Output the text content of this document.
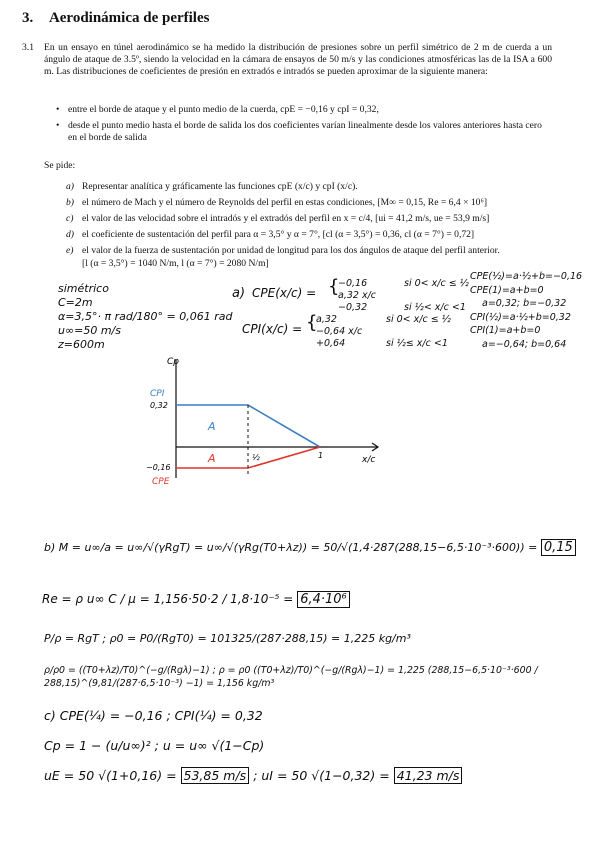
3. Aerodinámica de perfiles
3.1	En un ensayo en túnel aerodinámico se ha medido la distribución de presiones sobre un perfil simétrico de 2 m de cuerda a un ángulo de ataque de 3.5º, siendo la velocidad en la cámara de ensayos de 50 m/s y las condiciones atmosféricas las de la ISA a 600 m. Las distribuciones de coeficientes de presión en extradós e intradós se pueden aproximar de la siguiente manera:
• entre el borde de ataque y el punto medio de la cuerda, cpE = −0,16 y cpI = 0,32,
• desde el punto medio hasta el borde de salida los dos coeficientes varían linealmente desde los valores anteriores hasta cero en el borde de salida
Se pide:
a) Representar analítica y gráficamente las funciones cpE (x/c) y cpI (x/c).
b) el número de Mach y el número de Reynolds del perfil en estas condiciones, [M∞ = 0,15, Re = 6,4 × 10⁶]
c) el valor de las velocidad sobre el intradós y el extradós del perfil en x = c/4, [ui = 41,2 m/s, ue = 53,9 m/s]
d) el coeficiente de sustentación del perfil para α = 3,5° y α = 7°, [cl (α = 3,5°) = 0,36, cl (α = 7°) = 0,72]
e) el valor de la fuerza de sustentación por unidad de longitud para los dos ángulos de ataque del perfil anterior.
[l (α = 3,5°) = 1040 N/m, l (α = 7°) = 2080 N/m]
simétrico
C=2m
α=3,5°· π rad/180° = 0,061 rad
u∞=50 m/s
z=600m
a) CPE(x/c) = {
−0,16	si 0< x/c ≤ ½
a,32 x/c −0,32	si ½< x/c <1
CPI(x/c) = {
a,32	si 0< x/c ≤ ½
−0,64 x/c +0,64	si ½≤ x/c <1
CPE(½)=a·½+b=−0,16
CPE(1)=a+b=0
a=0,32; b=−0,32
CPI(½)=a·½+b=0,32
CPI(1)=a+b=0
a=−0,64; b=0,64
Cp
CPI
0,32
−0,16
CPE
½	1
A
A	x/c
b) M = u∞/a = u∞/√(γRgT) = u∞/√(γRg(T0+λz)) = 50/√(1,4·287(288,15−6,5·10⁻³·600)) = 0,15
Re = ρ u∞ C / μ = 1,156·50·2 / 1,8·10⁻⁵ = 6,4·10⁶
P/ρ = RgT ; ρ0 = P0/(RgT0) = 101325/(287·288,15) = 1,225 kg/m³
ρ/ρ0 = ((T0+λz)/T0)^(−g/(Rgλ)−1) ; ρ = ρ0 ((T0+λz)/T0)^(−g/(Rgλ)−1) = 1,225 (288,15−6,5·10⁻³·600 / 288,15)^(9,81/(287·6,5·10⁻³) −1) = 1,156 kg/m³
c) CPE(¼) = −0,16 ; CPI(¼) = 0,32
Cp = 1 − (u/u∞)² ; u = u∞ √(1−Cp)
uE = 50 √(1+0,16) = 53,85 m/s ; uI = 50 √(1−0,32) = 41,23 m/s
